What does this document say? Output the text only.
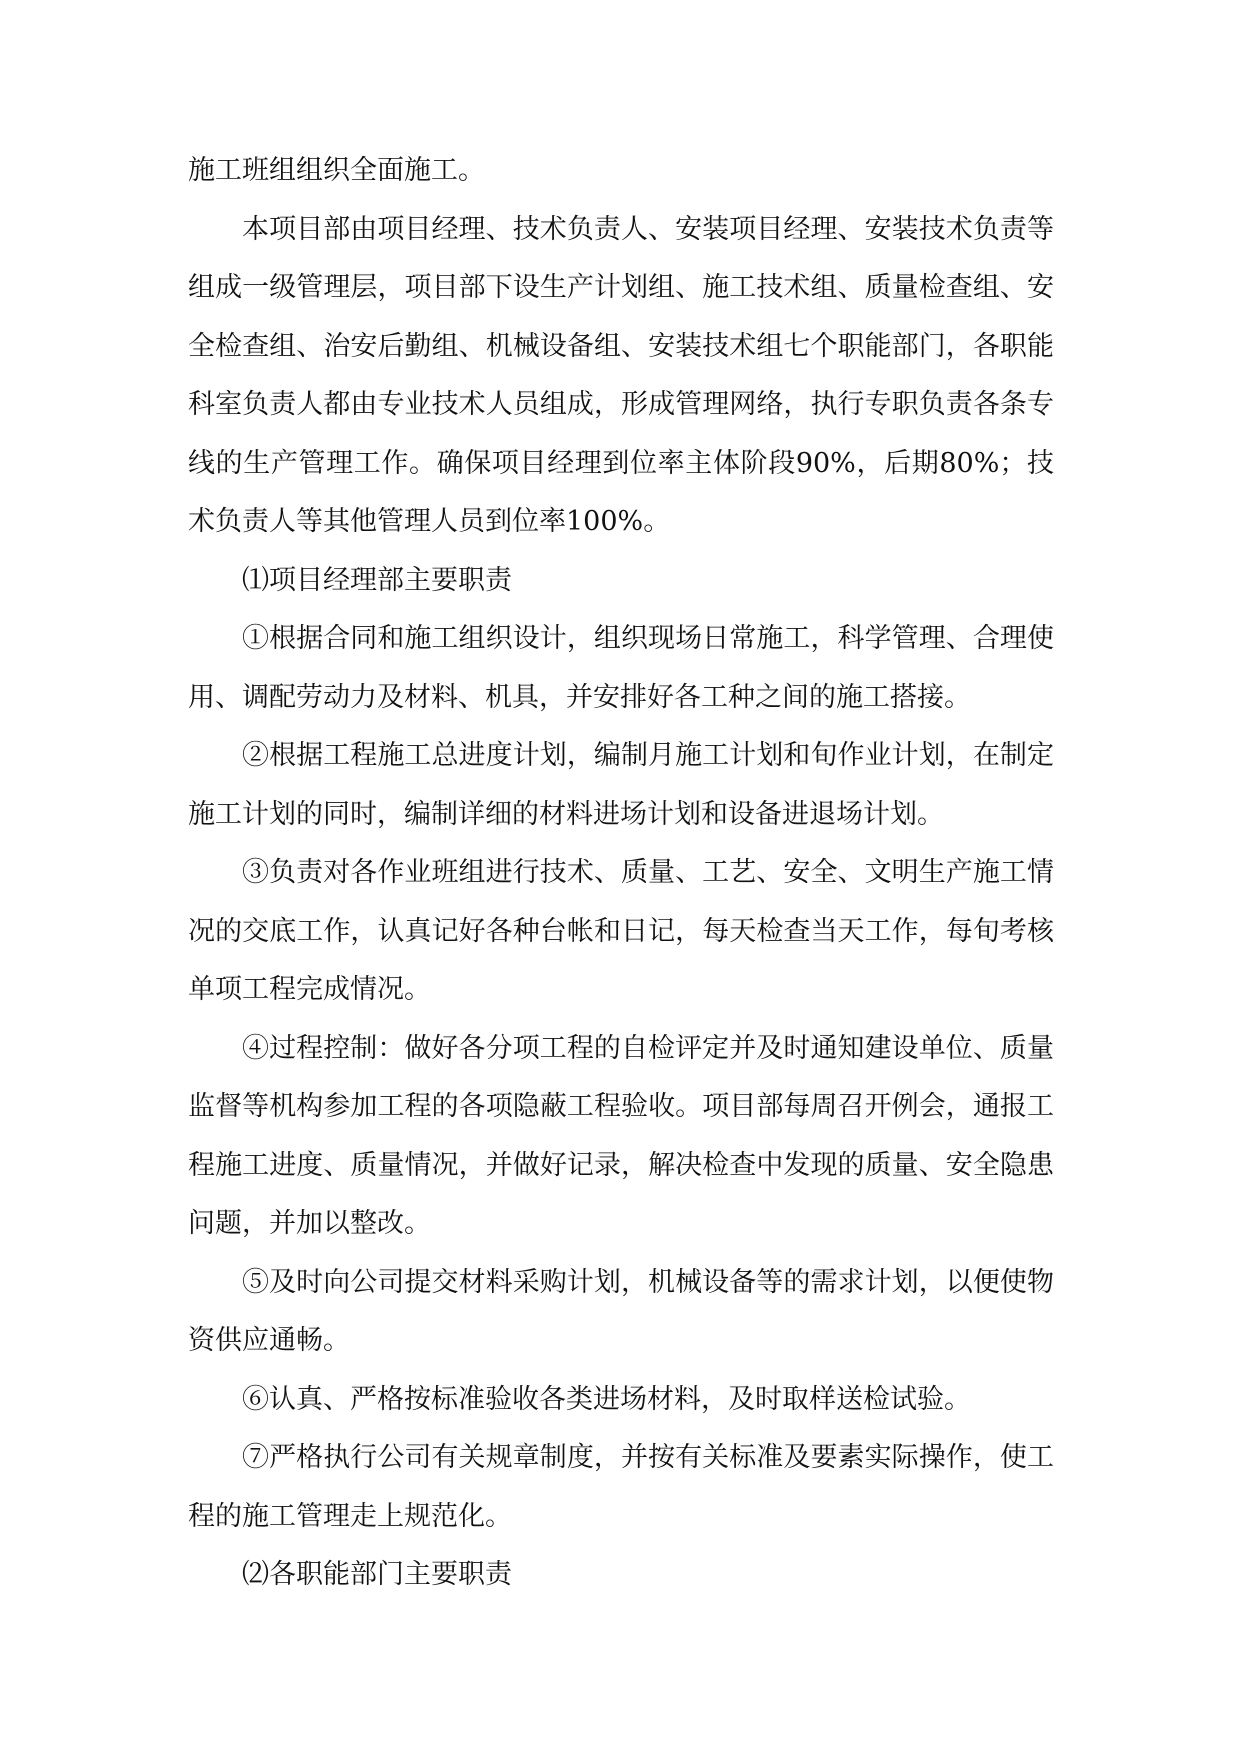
施工班组组织全面施工。

本项目部由项目经理、技术负责人、安装项目经理、安装技术负责等组成一级管理层，项目部下设生产计划组、施工技术组、质量检查组、安全检查组、治安后勤组、机械设备组、安装技术组七个职能部门，各职能科室负责人都由专业技术人员组成，形成管理网络，执行专职负责各条专线的生产管理工作。确保项目经理到位率主体阶段90%，后期80%；技术负责人等其他管理人员到位率100%。

⑴项目经理部主要职责

①根据合同和施工组织设计，组织现场日常施工，科学管理、合理使用、调配劳动力及材料、机具，并安排好各工种之间的施工搭接。

②根据工程施工总进度计划，编制月施工计划和旬作业计划，在制定施工计划的同时，编制详细的材料进场计划和设备进退场计划。

③负责对各作业班组进行技术、质量、工艺、安全、文明生产施工情况的交底工作，认真记好各种台帐和日记，每天检查当天工作，每旬考核单项工程完成情况。

④过程控制：做好各分项工程的自检评定并及时通知建设单位、质量监督等机构参加工程的各项隐蔽工程验收。项目部每周召开例会，通报工程施工进度、质量情况，并做好记录，解决检查中发现的质量、安全隐患问题，并加以整改。

⑤及时向公司提交材料采购计划，机械设备等的需求计划，以便使物资供应通畅。

⑥认真、严格按标准验收各类进场材料，及时取样送检试验。

⑦严格执行公司有关规章制度，并按有关标准及要素实际操作，使工程的施工管理走上规范化。

⑵各职能部门主要职责
